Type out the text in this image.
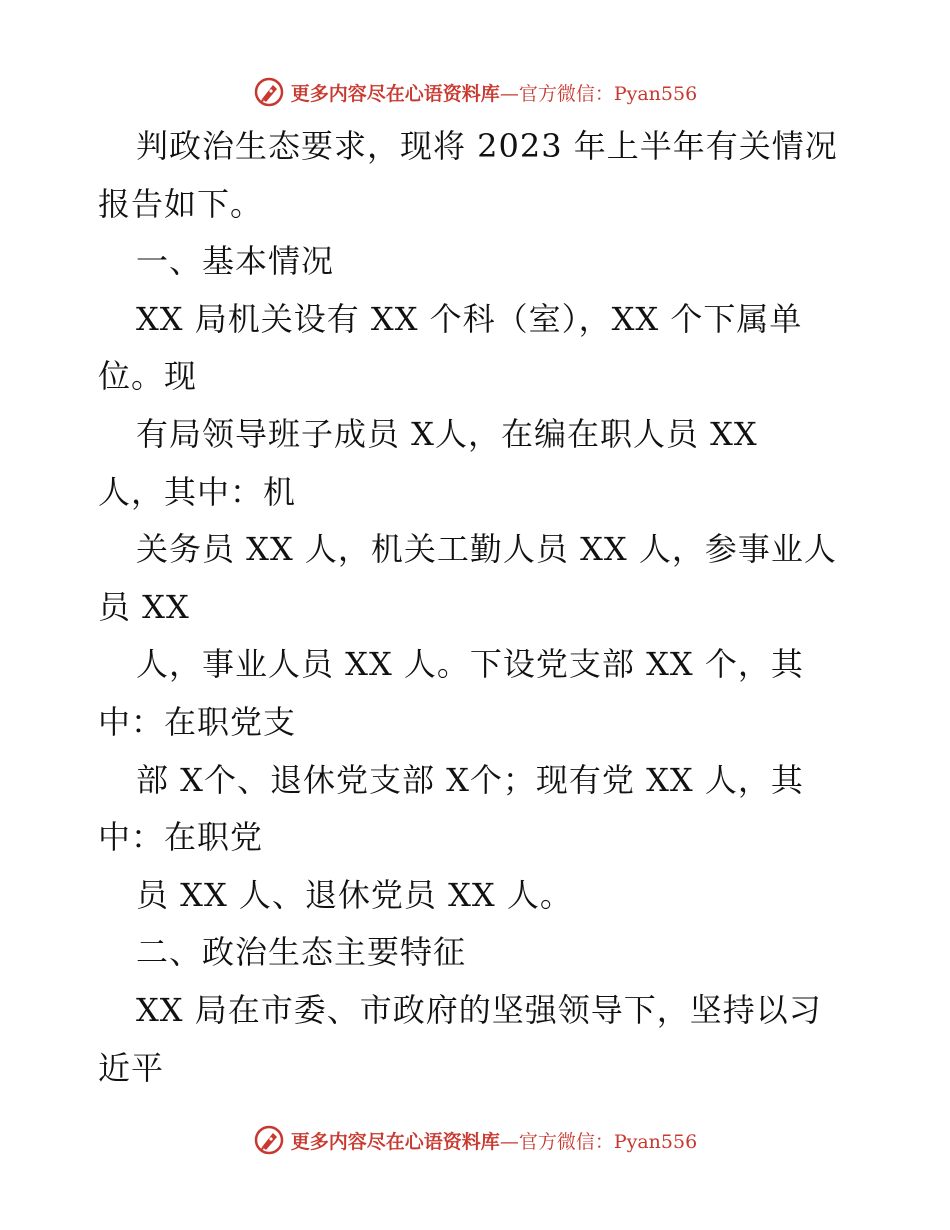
更多内容尽在心语资料库—官方微信：Pyan556
判政治生态要求，现将 2023 年上半年有关情况
报告如下。
一、基本情况
XX 局机关设有 XX 个科（室），XX 个下属单
位。现
有局领导班子成员 X人，在编在职人员 XX
人，其中：机
关务员 XX 人，机关工勤人员 XX 人，参事业人
员 XX
人，事业人员 XX 人。下设党支部 XX 个，其
中：在职党支
部 X个、退休党支部 X个；现有党 XX 人，其
中：在职党
员 XX 人、退休党员 XX 人。
二、政治生态主要特征
XX 局在市委、市政府的坚强领导下，坚持以习
近平
更多内容尽在心语资料库—官方微信：Pyan556
